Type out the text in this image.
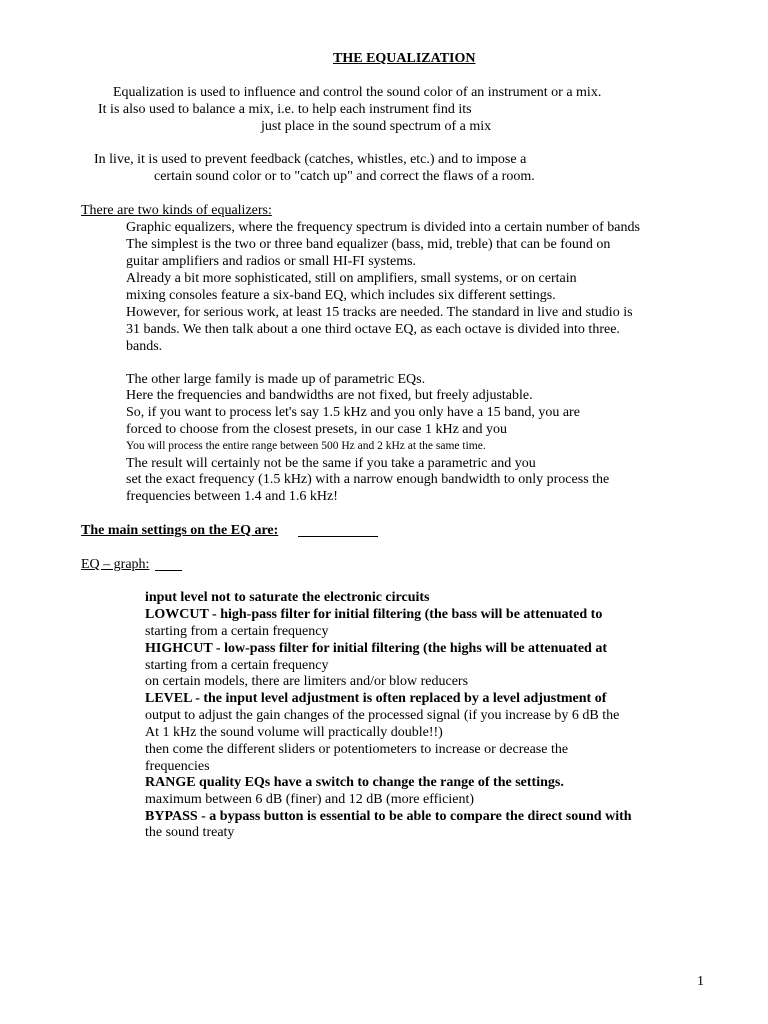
THE EQUALIZATION
Equalization is used to influence and control the sound color of an instrument or a mix.
It is also used to balance a mix, i.e. to help each instrument find its
just place in the sound spectrum of a mix
In live, it is used to prevent feedback (catches, whistles, etc.) and to impose a
certain sound color or to "catch up" and correct the flaws of a room.
There are two kinds of equalizers:
Graphic equalizers, where the frequency spectrum is divided into a certain number of bands
The simplest is the two or three band equalizer (bass, mid, treble) that can be found on
guitar amplifiers and radios or small HI-FI systems.
Already a bit more sophisticated, still on amplifiers, small systems, or on certain
mixing consoles feature a six-band EQ, which includes six different settings.
However, for serious work, at least 15 tracks are needed. The standard in live and studio is
31 bands. We then talk about a one third octave EQ, as each octave is divided into three.
bands.
The other large family is made up of parametric EQs.
Here the frequencies and bandwidths are not fixed, but freely adjustable.
So, if you want to process let's say 1.5 kHz and you only have a 15 band, you are
forced to choose from the closest presets, in our case 1 kHz and you
You will process the entire range between 500 Hz and 2 kHz at the same time.
The result will certainly not be the same if you take a parametric and you
set the exact frequency (1.5 kHz) with a narrow enough bandwidth to only process the
frequencies between 1.4 and 1.6 kHz!
The main settings on the EQ are:
EQ – graph:
input level not to saturate the electronic circuits
LOWCUT - high-pass filter for initial filtering (the bass will be attenuated to
starting from a certain frequency
HIGHCUT - low-pass filter for initial filtering (the highs will be attenuated at
starting from a certain frequency
on certain models, there are limiters and/or blow reducers
LEVEL - the input level adjustment is often replaced by a level adjustment of
output to adjust the gain changes of the processed signal (if you increase by 6 dB the
At 1 kHz the sound volume will practically double!!)
then come the different sliders or potentiometers to increase or decrease the
frequencies
RANGE quality EQs have a switch to change the range of the settings.
maximum between 6 dB (finer) and 12 dB (more efficient)
BYPASS - a bypass button is essential to be able to compare the direct sound with
the sound treaty
1
